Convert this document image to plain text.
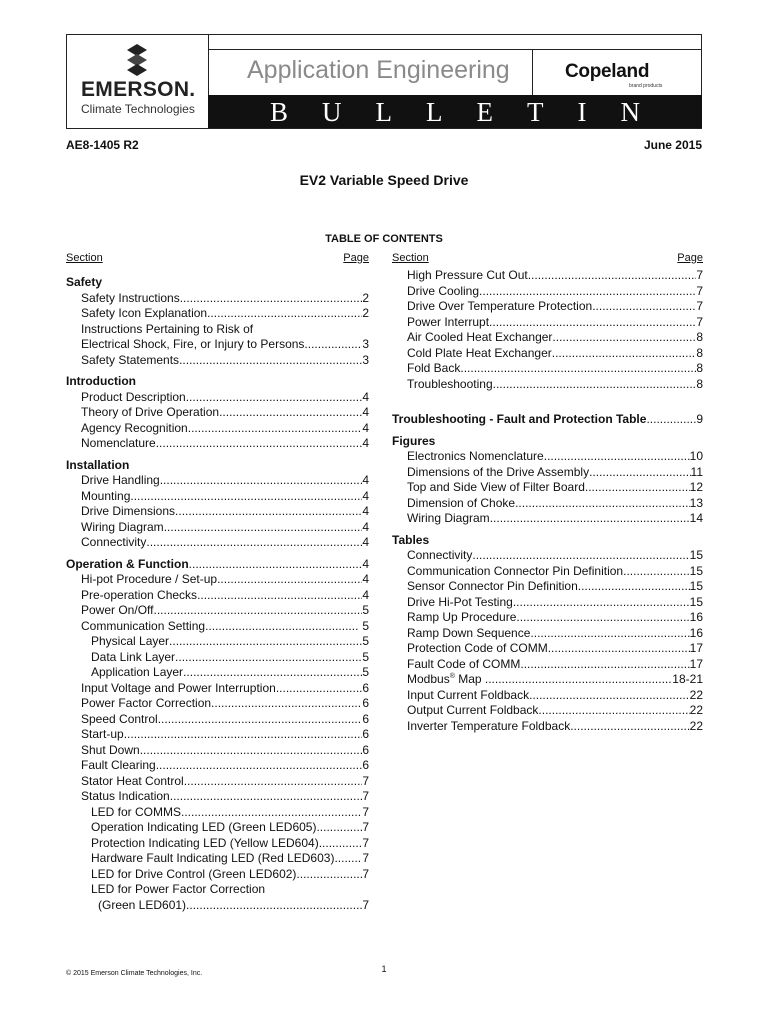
EMERSON.
Climate Technologies
Application Engineering	Copeland
brand products
BULLETIN
AE8-1405 R2	June 2015
EV2 Variable Speed Drive
TABLE OF CONTENTS
Section	Page
Safety
Safety Instructions .....	2
Safety Icon Explanation .....	2
Instructions Pertaining to Risk of
Electrical Shock, Fire, or Injury to Persons .....	3
Safety Statements .....	3
Introduction
Product Description .....	4
Theory of Drive Operation .....	4
Agency Recognition .....	4
Nomenclature .....	4
Installation
Drive Handling .....	4
Mounting .....	4
Drive Dimensions .....	4
Wiring Diagram .....	4
Connectivity .....	4
Operation & Function .....	4
Hi-pot Procedure / Set-up .....	4
Pre-operation Checks .....	4
Power On/Off .....	5
Communication Setting .....	5
Physical Layer .....	5
Data Link Layer .....	5
Application Layer .....	5
Input Voltage and Power Interruption .....	6
Power Factor Correction .....	6
Speed Control .....	6
Start-up .....	6
Shut Down .....	6
Fault Clearing .....	6
Stator Heat Control .....	7
Status Indication .....	7
LED for COMMS .....	7
Operation Indicating LED (Green LED605) .....	7
Protection Indicating LED (Yellow LED604) .....	7
Hardware Fault Indicating LED (Red LED603) ..... 7
LED for Drive Control (Green LED602) .....	7
LED for Power Factor Correction
(Green LED601) .....	7
Section	Page
High Pressure Cut Out .....	7
Drive Cooling .....	7
Drive Over Temperature Protection .....	7
Power Interrupt .....	7
Air Cooled Heat Exchanger .....	8
Cold Plate Heat Exchanger .....	8
Fold Back .....	8
Troubleshooting .....	8
Troubleshooting - Fault and Protection Table .....	9
Figures
Electronics Nomenclature .....	10
Dimensions of the Drive Assembly .....	11
Top and Side View of Filter Board .....	12
Dimension of Choke .....	13
Wiring Diagram .....	14
Tables
Connectivity .....	15
Communication Connector Pin Definition .....	15
Sensor Connector Pin Definition .....	15
Drive Hi-Pot Testing .....	15
Ramp Up Procedure .....	16
Ramp Down Sequence .....	16
Protection Code of COMM .....	17
Fault Code of COMM .....	17
Modbus® Map .....	18-21
Input Current Foldback .....	22
Output Current Foldback .....	22
Inverter Temperature Foldback .....	22
© 2015 Emerson Climate Technologies, Inc.	1
